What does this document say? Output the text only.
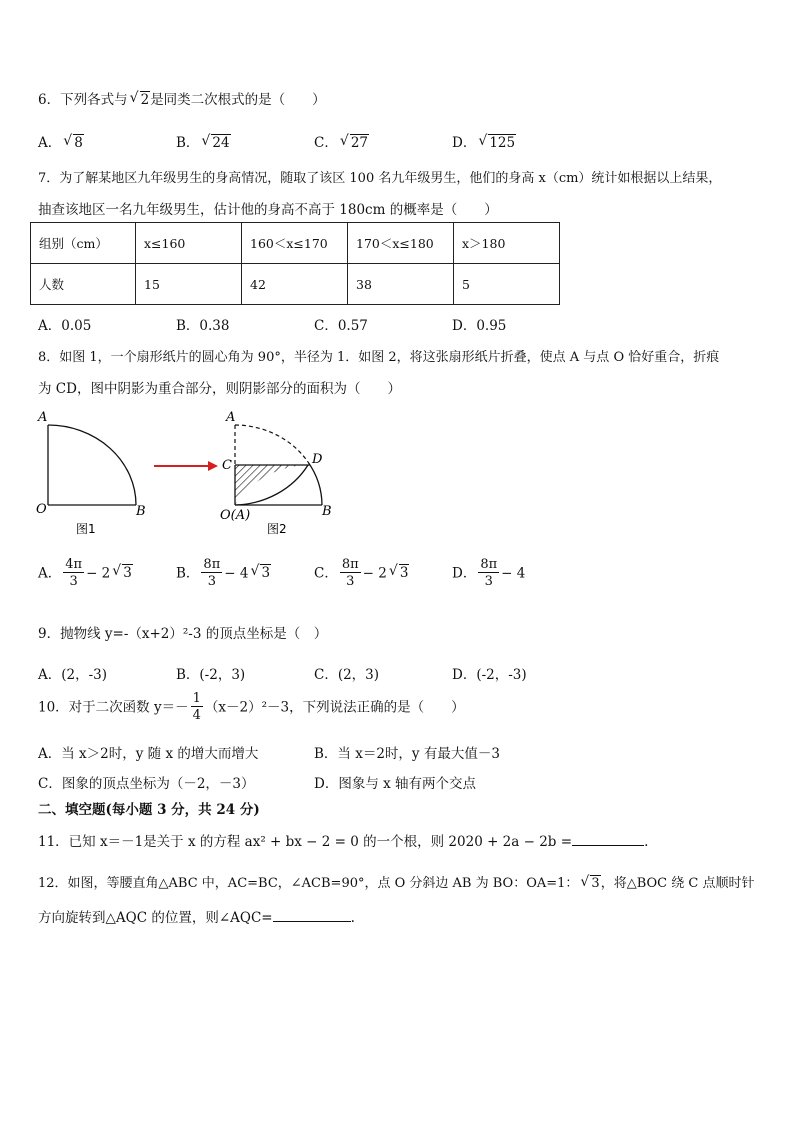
6．下列各式与 √ 2是同类二次根式的是（　　）
A． √ 8	B． √ 24	C． √ 27	D． √ 125
7．为了解某地区九年级男生的身高情况，随取了该区 100 名九年级男生，他们的身高 x（cm）统计如根据以上结果，
抽查该地区一名九年级男生，估计他的身高不高于 180cm 的概率是（　　）
组别（cm）	x≤160	160＜x≤170	170＜x≤180	x＞180
人数	15	42	38	5
A．0.05	B．0.38	C．0.57	D．0.95
8．如图 1，一个扇形纸片的圆心角为 90°，半径为 1．如图 2，将这张扇形纸片折叠，使点 A 与点 O 恰好重合，折痕
为 CD，图中阴影为重合部分，则阴影部分的面积为（　　）
A
O	B
图1
A
C	D
O(A)	B
图2
A． $\frac{4\pi}{3} - 2$ √ 3	B． $\frac{8\pi}{3} - 4$ √ 3	C． $\frac{8\pi}{3} - 2$ √ 3	D． $\frac{8\pi}{3} - 4$
9．抛物线 y=-（x+2）²-3 的顶点坐标是（　）
A．(2，-3)	B．(-2，3)	C．(2，3)	D．(-2，-3)
10．对于二次函数 $y=- \frac{1}{4} (x-2)^2-3$，下列说法正确的是（　　）
A．当 x＞2时，y 随 x 的增大而增大	B．当 x＝2时，y 有最大值－3
C．图象的顶点坐标为（－2，－3）	D．图象与 x 轴有两个交点
二、填空题(每小题 3 分，共 24 分)
11．已知 x＝－1是关于 x 的方程 ax² + bx − 2 = 0 的一个根，则 2020 + 2a − 2b =	.
12．如图，等腰直角△ABC 中，AC=BC，∠ACB=90°，点 O 分斜边 AB 为 BO：OA=1： √ 3，将△BOC 绕 C 点顺时针
方向旋转到△AQC 的位置，则∠AQC=	.
